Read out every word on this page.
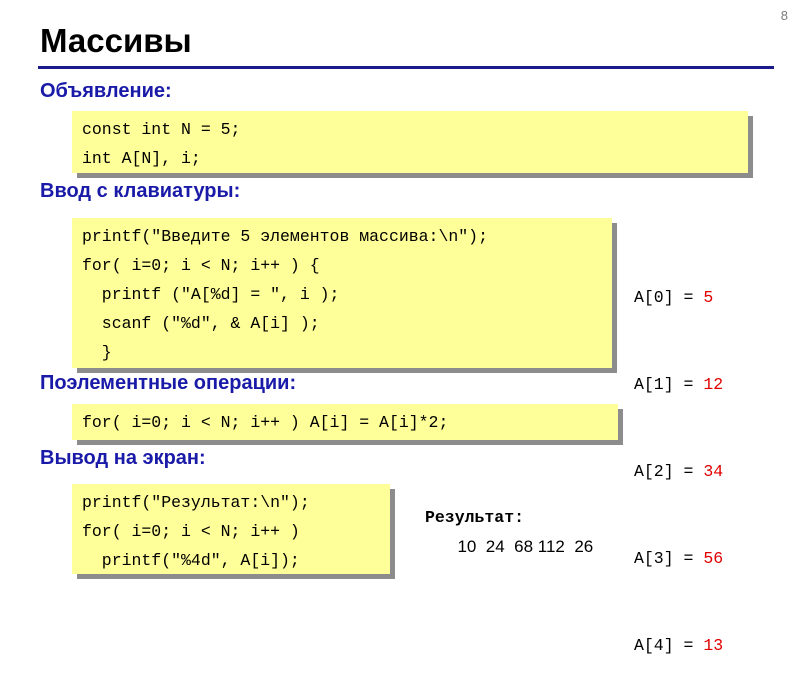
8
Массивы
Объявление:
const int N = 5;
int A[N], i;
Ввод с клавиатуры:
printf("Введите 5 элементов массива:\n");
for( i=0; i < N; i++ ) {
printf ("A[%d] = ", i );
scanf ("%d", & A[i] );
}

A[0] = 5

A[1] = 12

A[2] = 34

A[3] = 56

A[4] = 13

Поэлементные операции:
for( i=0; i < N; i++ ) A[i] = A[i]*2;
Вывод на экран:
printf("Результат:\n");
for( i=0; i < N; i++ )
printf("%4d", A[i]);
Результат:
10  24  68 112  26
